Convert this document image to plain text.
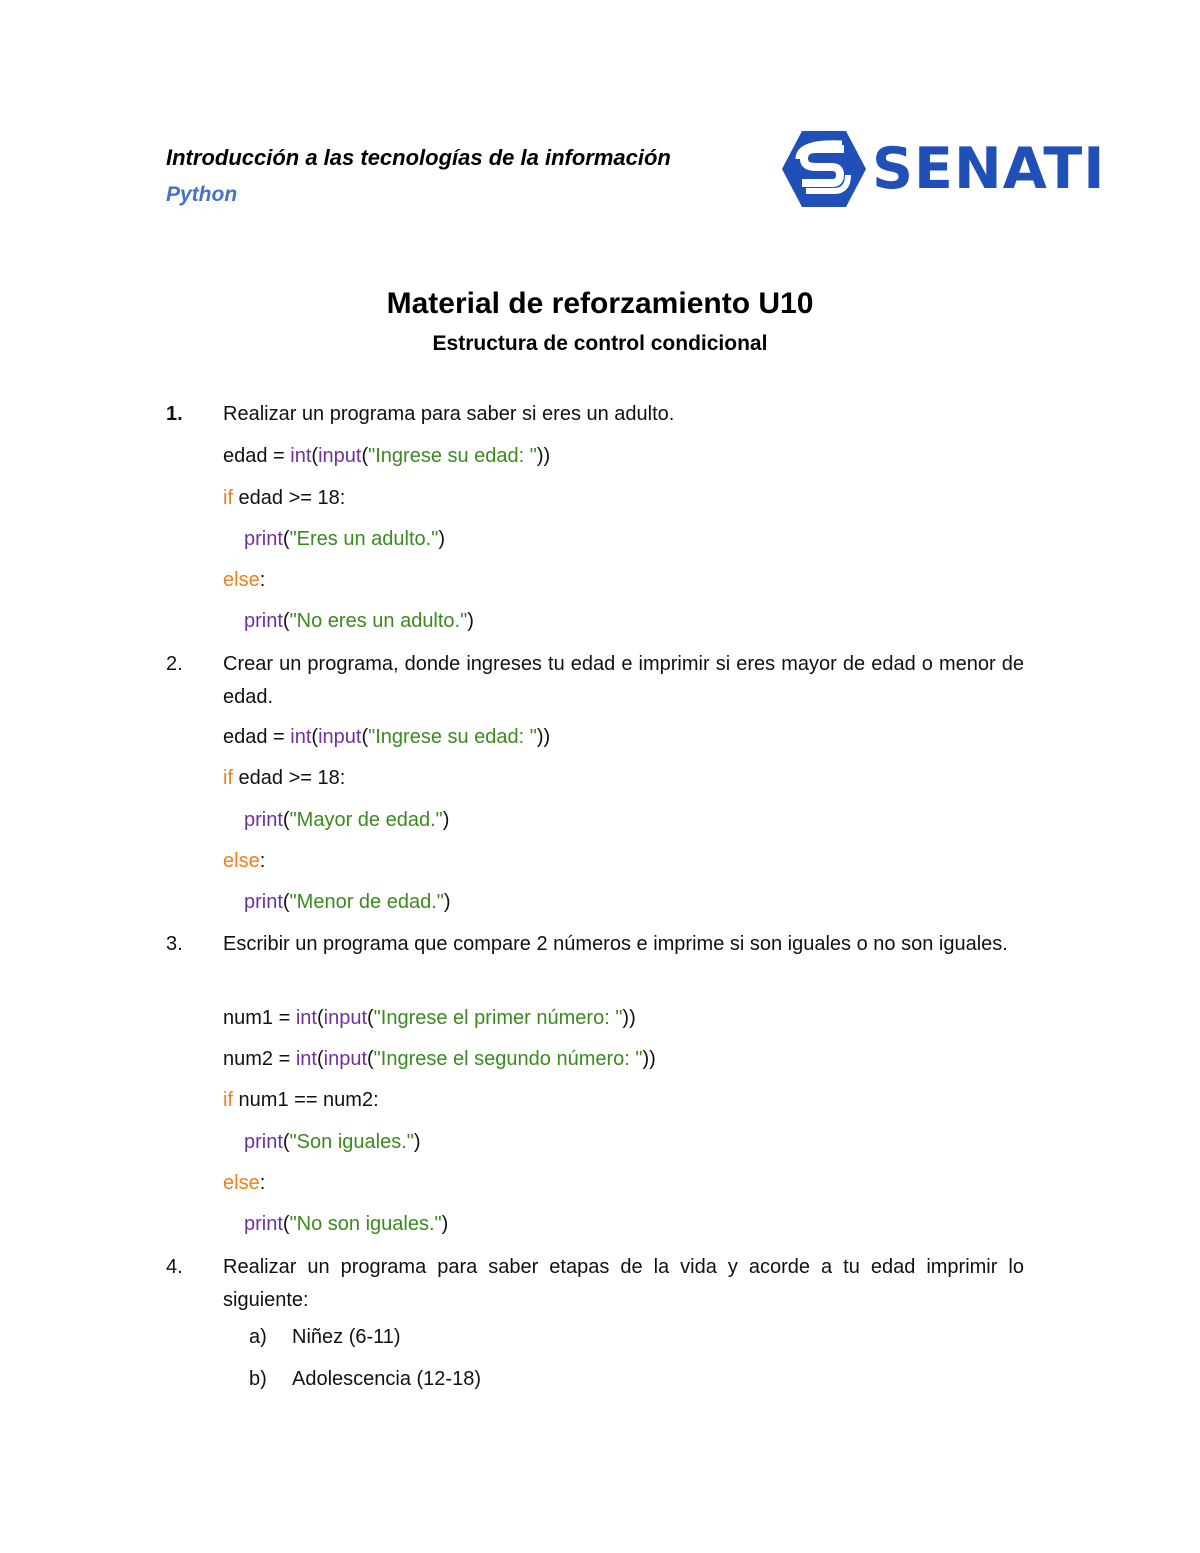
Introducción a las tecnologías de la información
Python	SENATI
Material de reforzamiento U10
Estructura de control condicional
1. Realizar un programa para saber si eres un adulto.
edad = int(input("Ingrese su edad: "))
if edad >= 18:
print("Eres un adulto.")
else:
print("No eres un adulto.")
2. Crear un programa, donde ingreses tu edad e imprimir si eres mayor de edad o menor de edad.
edad = int(input("Ingrese su edad: "))
if edad >= 18:
print("Mayor de edad.")
else:
print("Menor de edad.")
3. Escribir un programa que compare 2 números e imprime si son iguales o no son iguales.
num1 = int(input("Ingrese el primer número: "))
num2 = int(input("Ingrese el segundo número: "))
if num1 == num2:
print("Son iguales.")
else:
print("No son iguales.")
4. Realizar un programa para saber etapas de la vida y acorde a tu edad imprimir lo siguiente:
a) Niñez (6-11)
b) Adolescencia (12-18)
